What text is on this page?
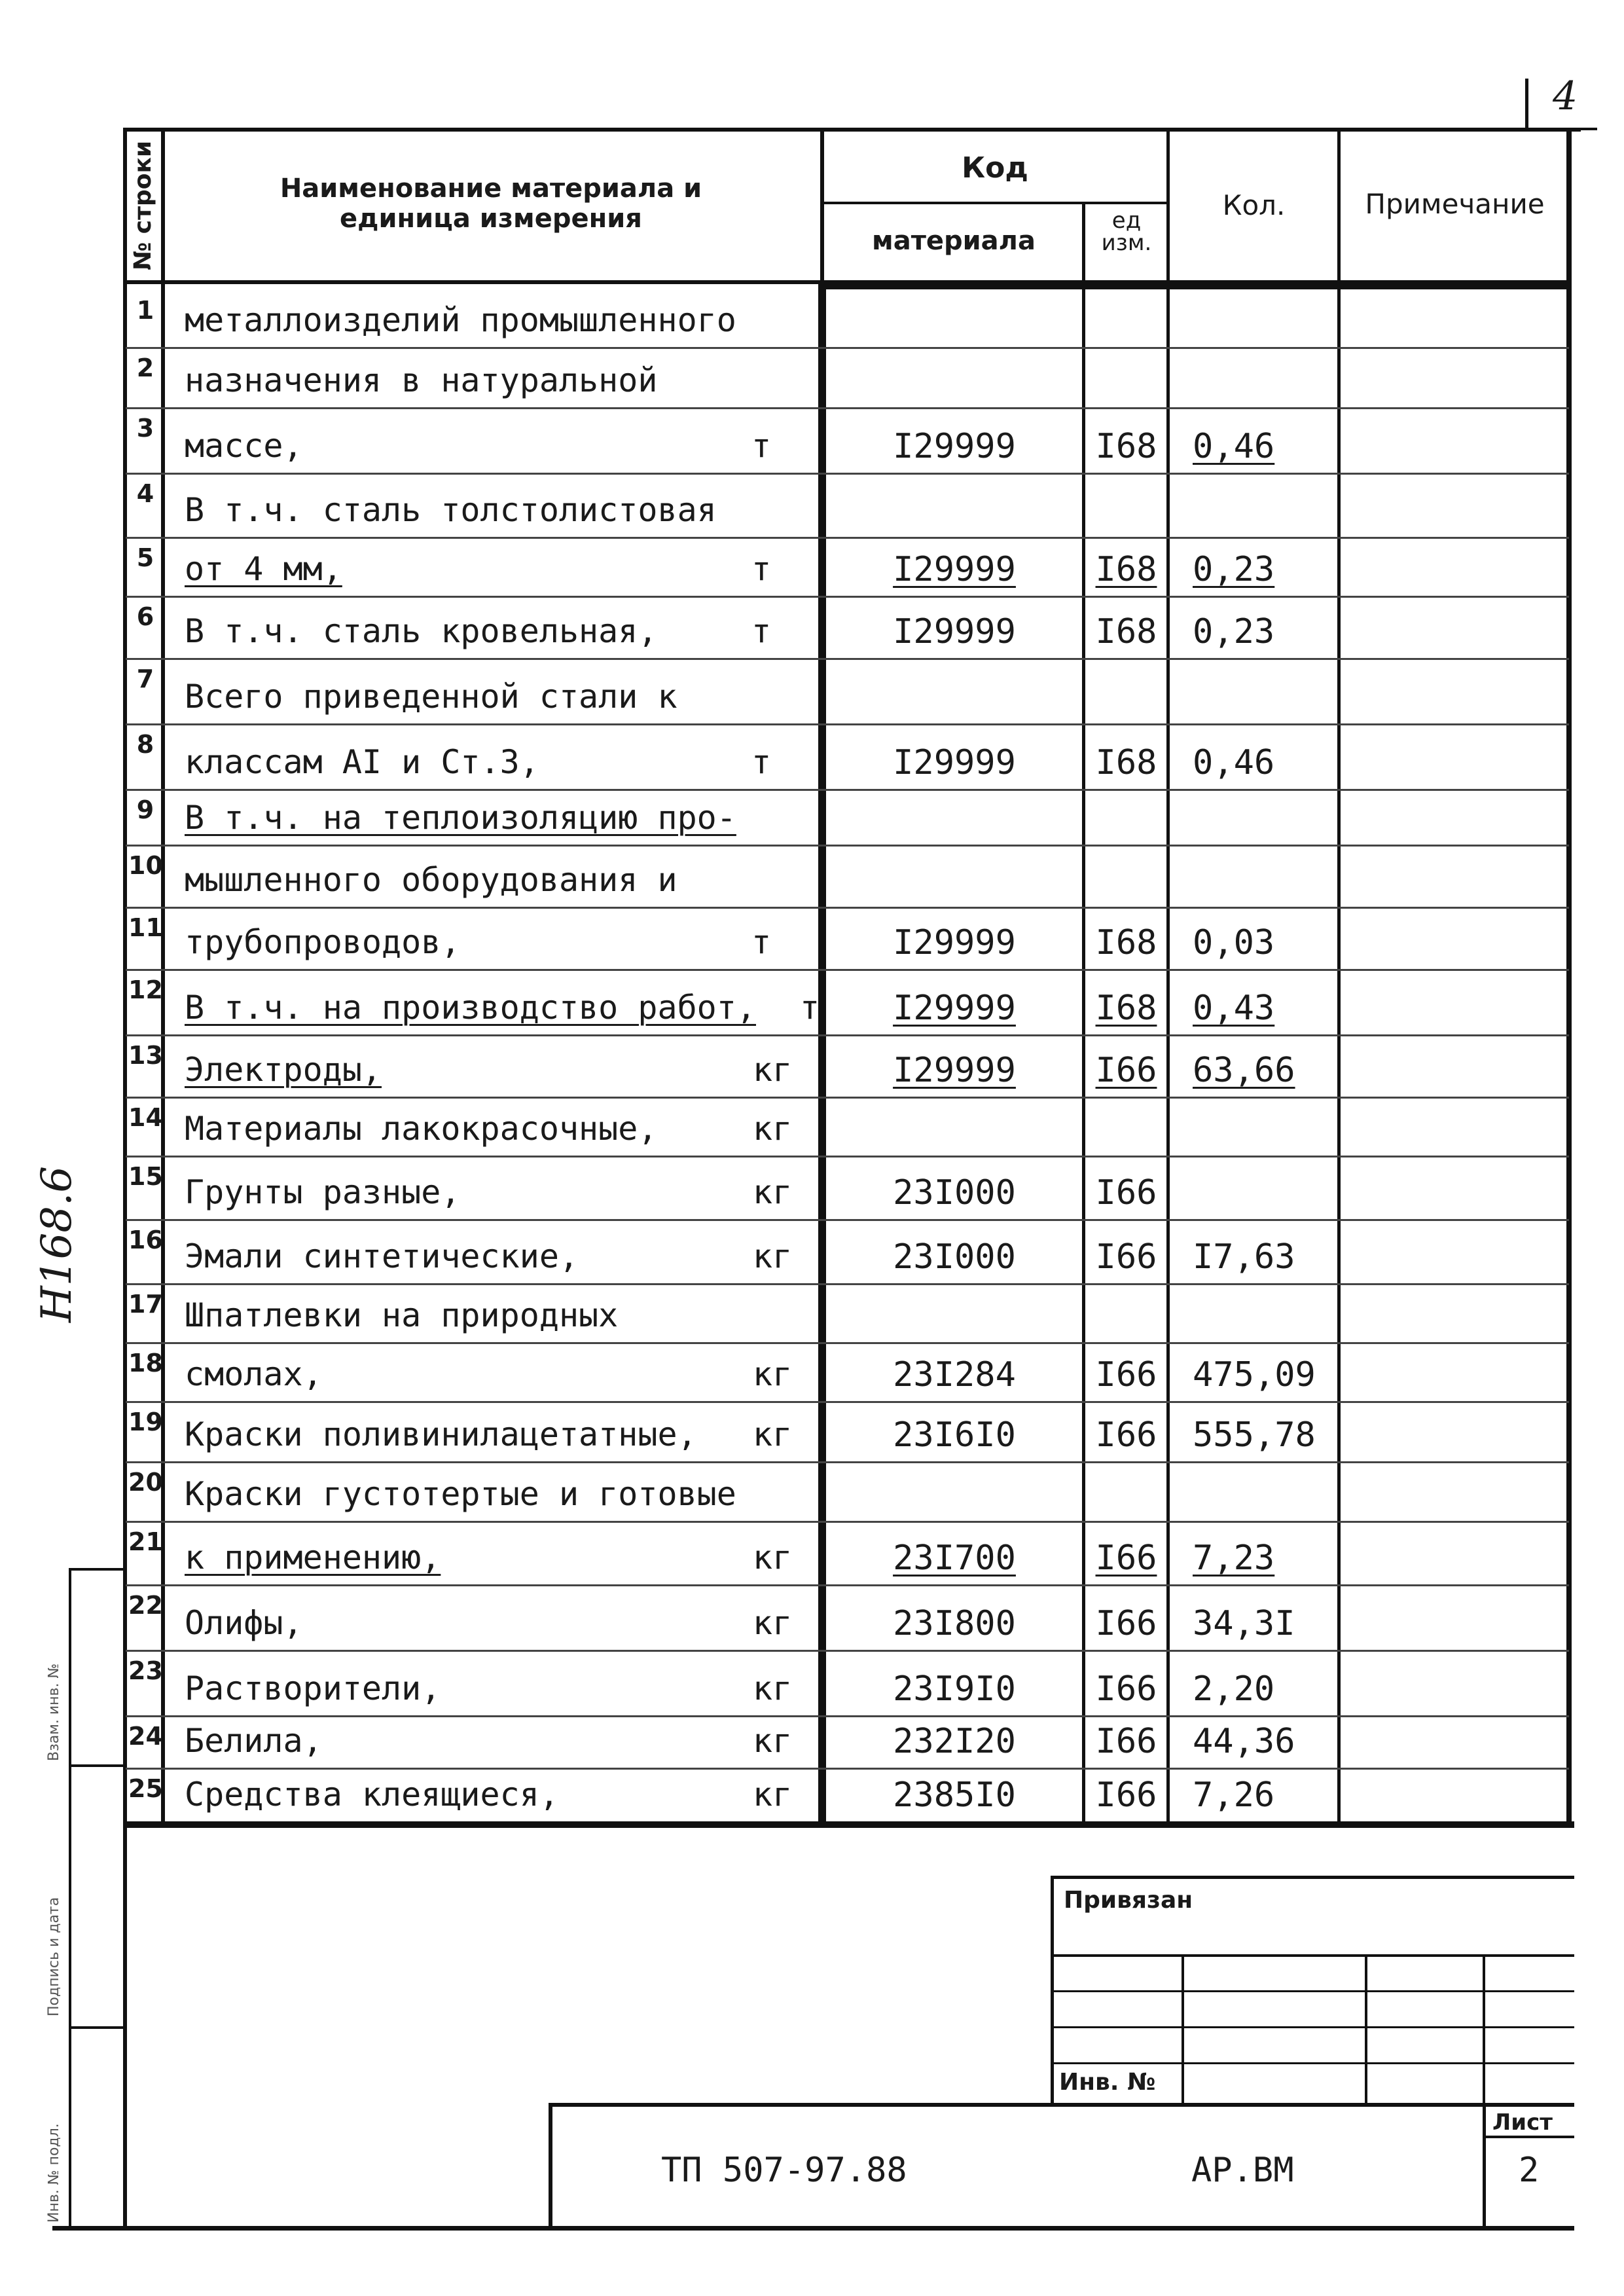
4
№ строки	Наименование материала и единица измерения
Код
материала
ед изм.
Кол.	Примечание
1 металлоизделий промышленного
2 назначения в натуральной
3 массе,	т	I29999	I68 0,46
4 В т.ч. сталь толстолистовая
5 от 4 мм,	т	I29999	I68 0,23
6 В т.ч. сталь кровельная,	т	I29999	I68 0,23
7 Всего приведенной стали к
8 классам АI и Ст.3,	т	I29999	I68 0,46
9 В т.ч. на теплоизоляцию про-
10 мышленного оборудования и
11 трубопроводов,	т	I29999	I68 0,03
12 В т.ч. на производство работ, т	I29999	I68 0,43
13 Электроды,	кг	I29999	I66 63,66
14 Материалы лакокрасочные,	кг
15 Грунты разные,	кг	23I000	I66
16 Эмали синтетические,	кг	23I000	I66 I7,63
17 Шпатлевки на природных
18 смолах,	кг	23I284	I66 475,09
19 Краски поливинилацетатные, кг	23I6I0	I66 555,78
20 Краски густотертые и готовые
21 к применению,	кг	23I700	I66 7,23
22 Олифы,	кг	23I800	I66 34,3I
23 Растворители,	кг	23I9I0	I66 2,20
24 Белила,	кг	232I20	I66 44,36
25 Средства клеящиеся,	кг	2385I0	I66 7,26
Взам. инв. №
Подпись и дата
Инв. № подл.
Н168.6
Привязан
Инв. №
ТП 507-97.88	АР.ВМ
Лист
2
